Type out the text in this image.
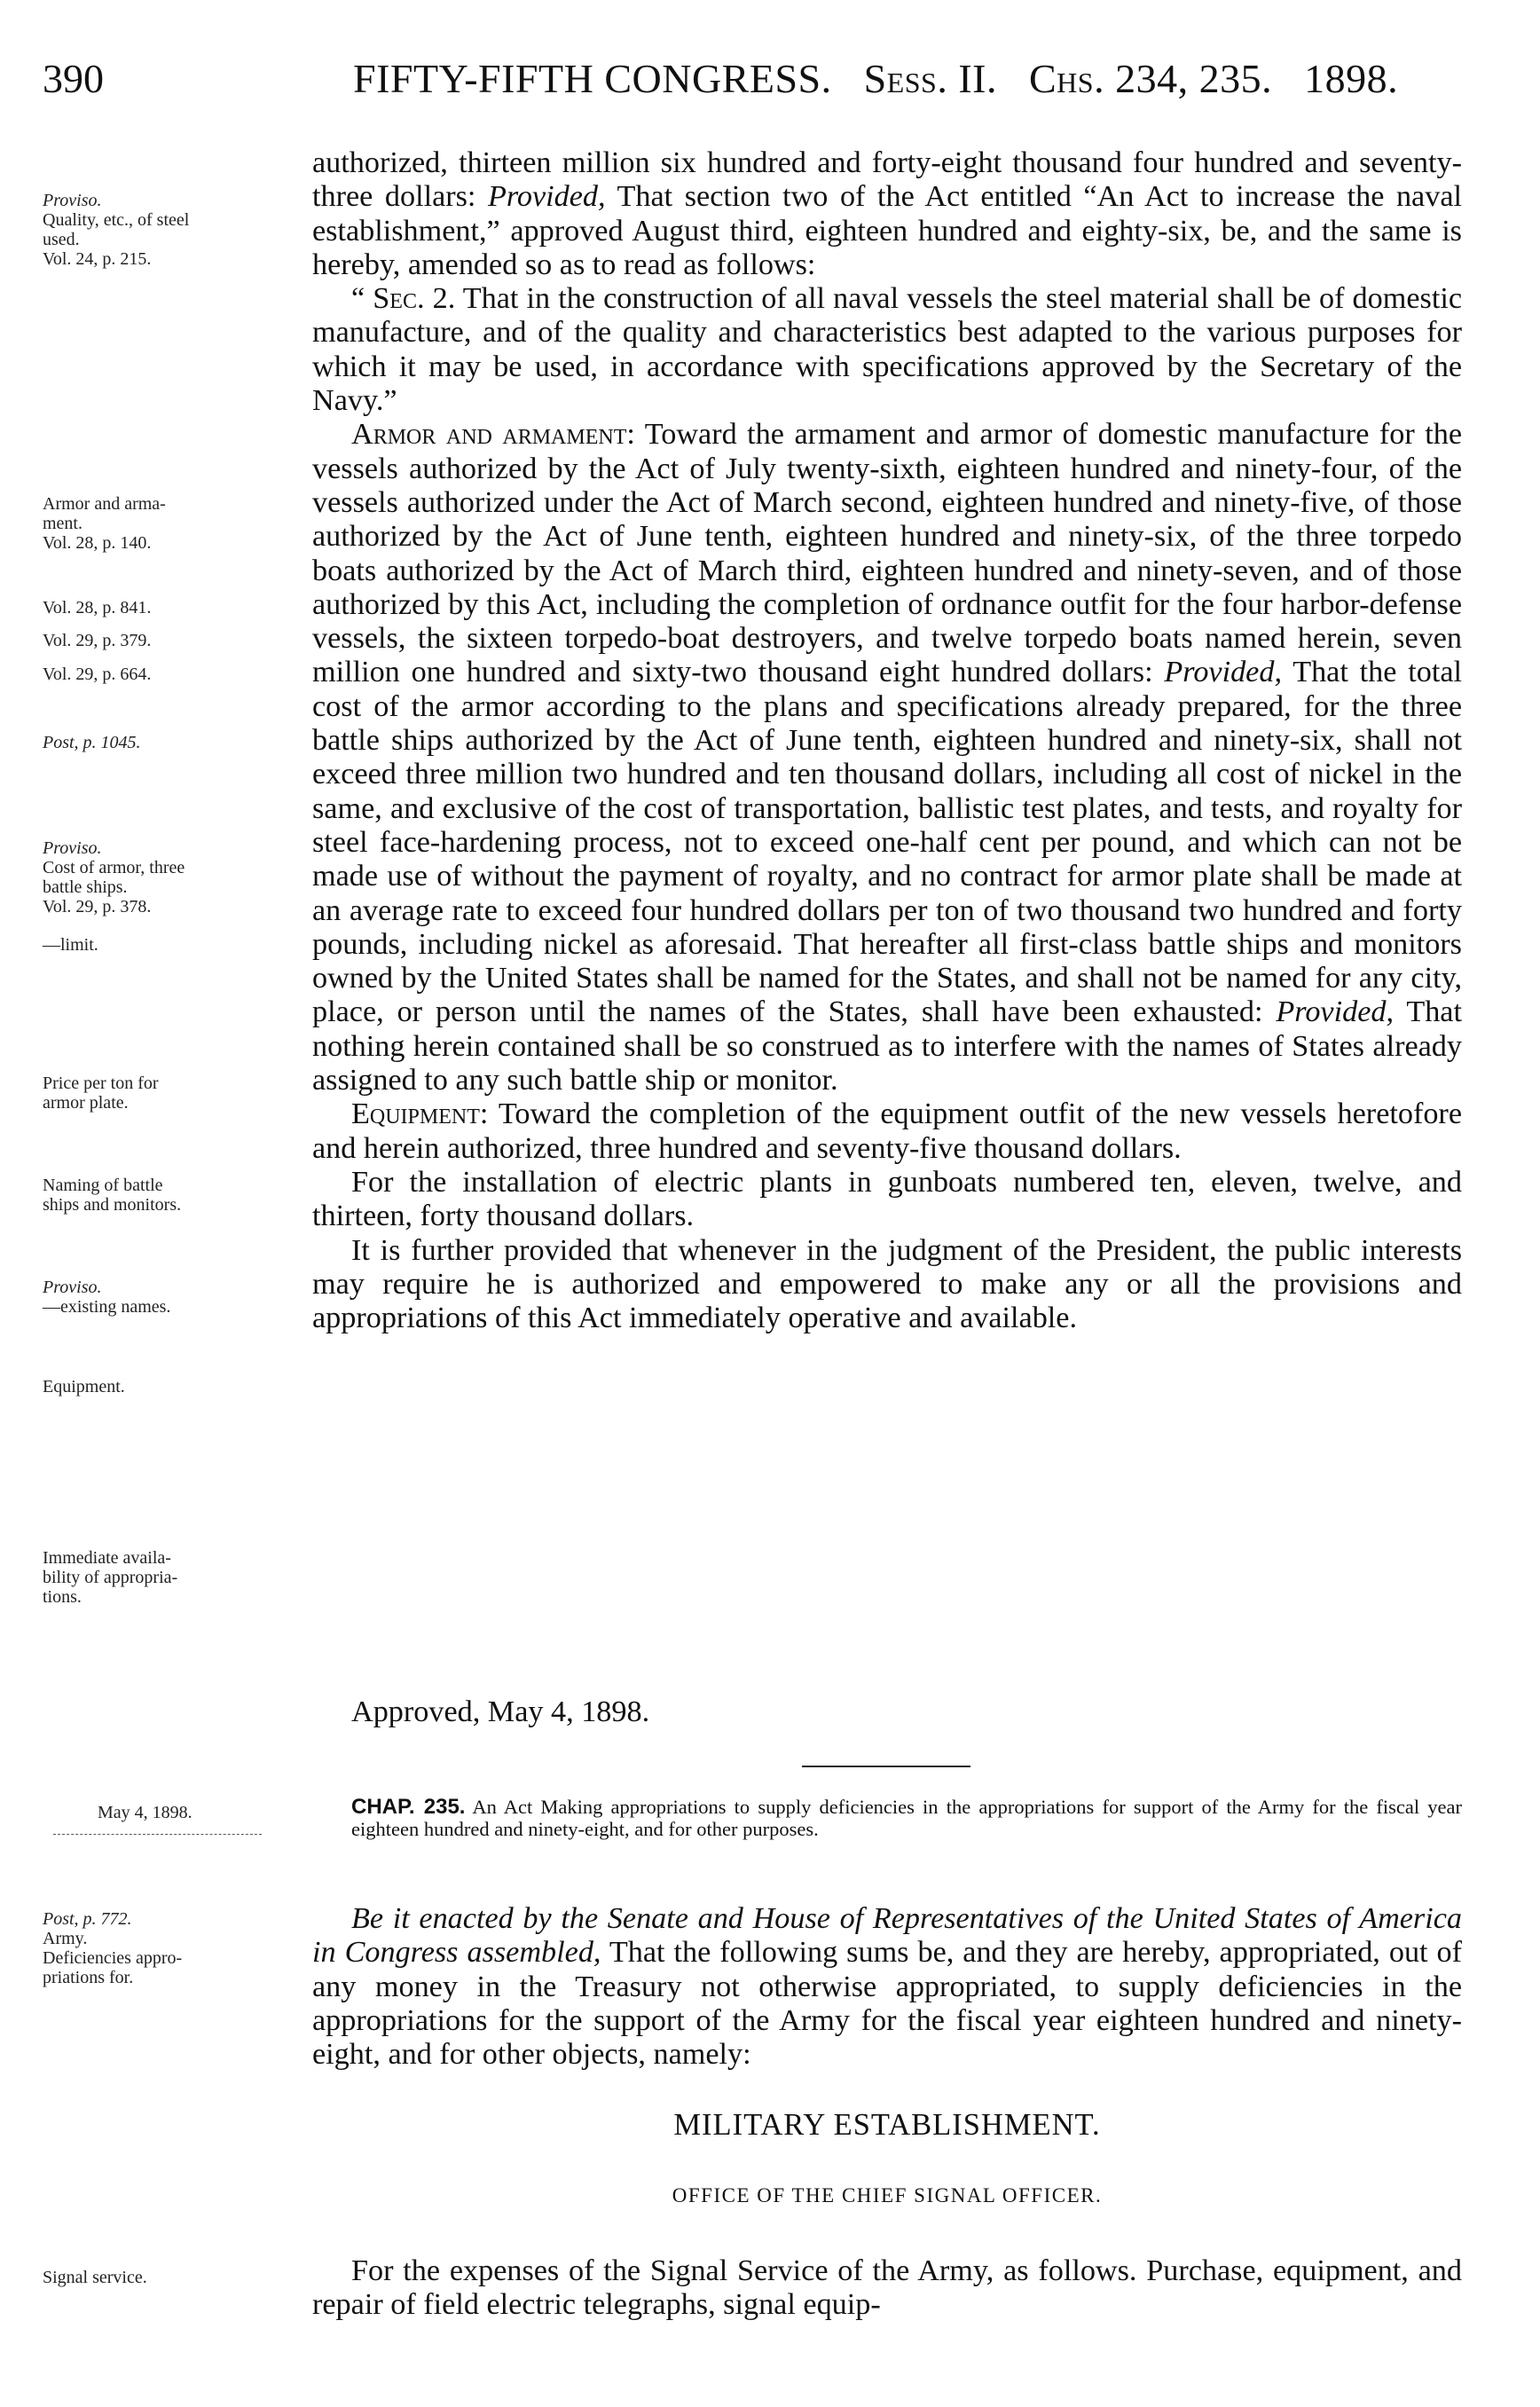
390	FIFTY-FIFTH CONGRESS. Sess. II. Chs. 234, 235. 1898.
Proviso.
Quality, etc., of steel
used.
Vol. 24, p. 215.
Armor and arma-
ment.
Vol. 28, p. 140.
Vol. 28, p. 841.
Vol. 29, p. 379.
Vol. 29, p. 664.
Post, p. 1045.
Proviso.
Cost of armor, three
battle ships.
Vol. 29, p. 378.
—limit.
Price per ton for
armor plate.
Naming of battle
ships and monitors.
Proviso.
—existing names.
Equipment.
Immediate availa-
bility of appropria-
tions.

authorized, thirteen million six hundred and forty-eight thousand four hundred and seventy-three dollars: Provided, That section two of the Act entitled “An Act to increase the naval establishment,” approved August third, eighteen hundred and eighty-six, be, and the same is hereby, amended so as to read as follows:

“ Sec. 2. That in the construction of all naval vessels the steel material shall be of domestic manufacture, and of the quality and characteristics best adapted to the various purposes for which it may be used, in accordance with specifications approved by the Secretary of the Navy.”

Armor and armament: Toward the armament and armor of domestic manufacture for the vessels authorized by the Act of July twenty-sixth, eighteen hundred and ninety-four, of the vessels authorized under the Act of March second, eighteen hundred and ninety-five, of those authorized by the Act of June tenth, eighteen hundred and ninety-six, of the three torpedo boats authorized by the Act of March third, eighteen hundred and ninety-seven, and of those authorized by this Act, including the completion of ordnance outfit for the four harbor-defense vessels, the sixteen torpedo-boat destroyers, and twelve torpedo boats named herein, seven million one hundred and sixty-two thousand eight hundred dollars: Provided, That the total cost of the armor according to the plans and specifications already prepared, for the three battle ships authorized by the Act of June tenth, eighteen hundred and ninety-six, shall not exceed three million two hundred and ten thousand dollars, including all cost of nickel in the same, and exclusive of the cost of transportation, ballistic test plates, and tests, and royalty for steel face-hardening process, not to exceed one-half cent per pound, and which can not be made use of without the payment of royalty, and no contract for armor plate shall be made at an average rate to exceed four hundred dollars per ton of two thousand two hundred and forty pounds, including nickel as aforesaid. That hereafter all first-class battle ships and monitors owned by the United States shall be named for the States, and shall not be named for any city, place, or person until the names of the States, shall have been exhausted: Provided, That nothing herein contained shall be so construed as to interfere with the names of States already assigned to any such battle ship or monitor.

Equipment: Toward the completion of the equipment outfit of the new vessels heretofore and herein authorized, three hundred and seventy-five thousand dollars.

For the installation of electric plants in gunboats numbered ten, eleven, twelve, and thirteen, forty thousand dollars.

It is further provided that whenever in the judgment of the President, the public interests may require he is authorized and empowered to make any or all the provisions and appropriations of this Act immediately operative and available.

Approved, May 4, 1898.
May 4, 1898.	CHAP. 235. An Act Making appropriations to supply deficiencies in the appropriations for support of the Army for the fiscal year eighteen hundred and ninety-eight, and for other purposes.
Post, p. 772.
Army.
Deficiencies appro-
priations for.

Be it enacted by the Senate and House of Representatives of the United States of America in Congress assembled, That the following sums be, and they are hereby, appropriated, out of any money in the Treasury not otherwise appropriated, to supply deficiencies in the appropriations for the support of the Army for the fiscal year eighteen hundred and ninety-eight, and for other objects, namely:

MILITARY ESTABLISHMENT.
OFFICE OF THE CHIEF SIGNAL OFFICER.
Signal service.	For the expenses of the Signal Service of the Army, as follows. Purchase, equipment, and repair of field electric telegraphs, signal equip-
